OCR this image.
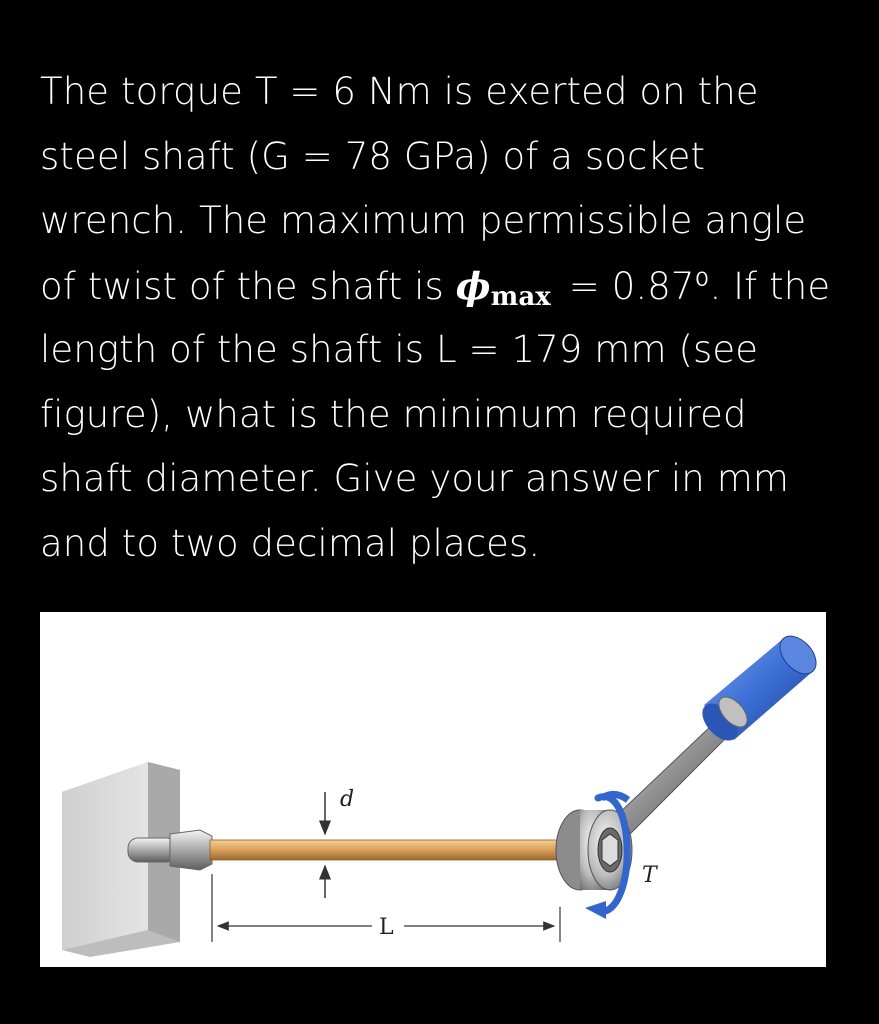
The torque T = 6 Nm is exerted on the
steel shaft (G = 78 GPa) of a socket
wrench. The maximum permissible angle
of twist of the shaft is ϕmax = 0.87⁰. If the
length of the shaft is L = 179 mm (see
figure), what is the minimum required
shaft diameter. Give your answer in mm
and to two decimal places.
d
L
T
